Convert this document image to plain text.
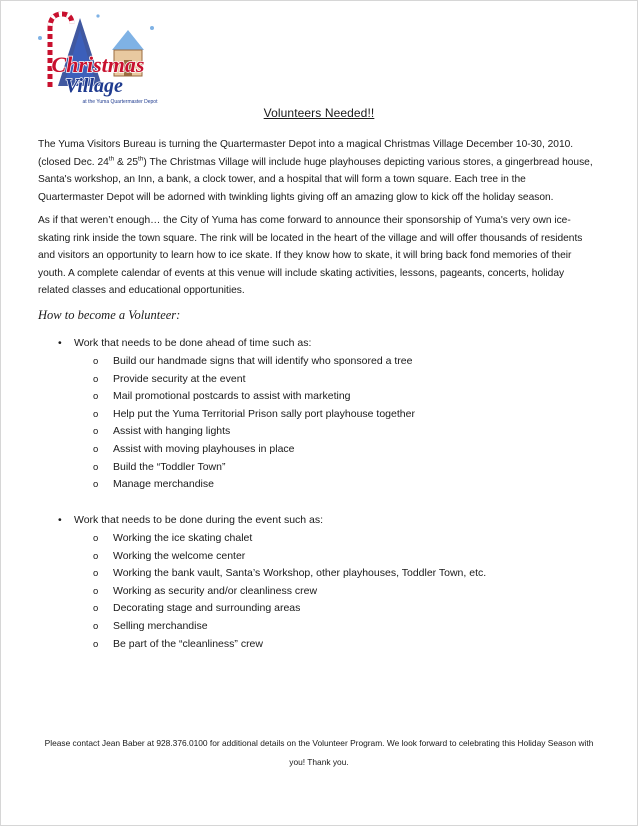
Christmas
Village
at the Yuma Quartermaster Depot
Volunteers Needed!!

The Yuma Visitors Bureau is turning the Quartermaster Depot into a magical Christmas Village December 10-30, 2010. (closed Dec. 24th & 25th) The Christmas Village will include huge playhouses depicting various stores, a gingerbread house, Santa's workshop, an Inn, a bank, a clock tower, and a hospital that will form a town square. Each tree in the Quartermaster Depot will be adorned with twinkling lights giving off an amazing glow to kick off the holiday season.

As if that weren’t enough… the City of Yuma has come forward to announce their sponsorship of Yuma's very own ice-skating rink inside the town square. The rink will be located in the heart of the village and will offer thousands of residents and visitors an opportunity to learn how to ice skate. If they know how to skate, it will bring back fond memories of their youth. A complete calendar of events at this venue will include skating activities, lessons, pageants, concerts, holiday related classes and educational opportunities.

How to become a Volunteer:
• Work that needs to be done ahead of time such as:
o Build our handmade signs that will identify who sponsored a tree
o Provide security at the event
o Mail promotional postcards to assist with marketing
o Help put the Yuma Territorial Prison sally port playhouse together
o Assist with hanging lights
o Assist with moving playhouses in place
o Build the “Toddler Town”
o Manage merchandise
• Work that needs to be done during the event such as:
o Working the ice skating chalet
o Working the welcome center
o Working the bank vault, Santa’s Workshop, other playhouses, Toddler Town, etc.
o Working as security and/or cleanliness crew
o Decorating stage and surrounding areas
o Selling merchandise
o Be part of the “cleanliness” crew
Please contact Jean Baber at 928.376.0100 for additional details on the Volunteer Program. We look forward to celebrating this Holiday Season with you! Thank you.
